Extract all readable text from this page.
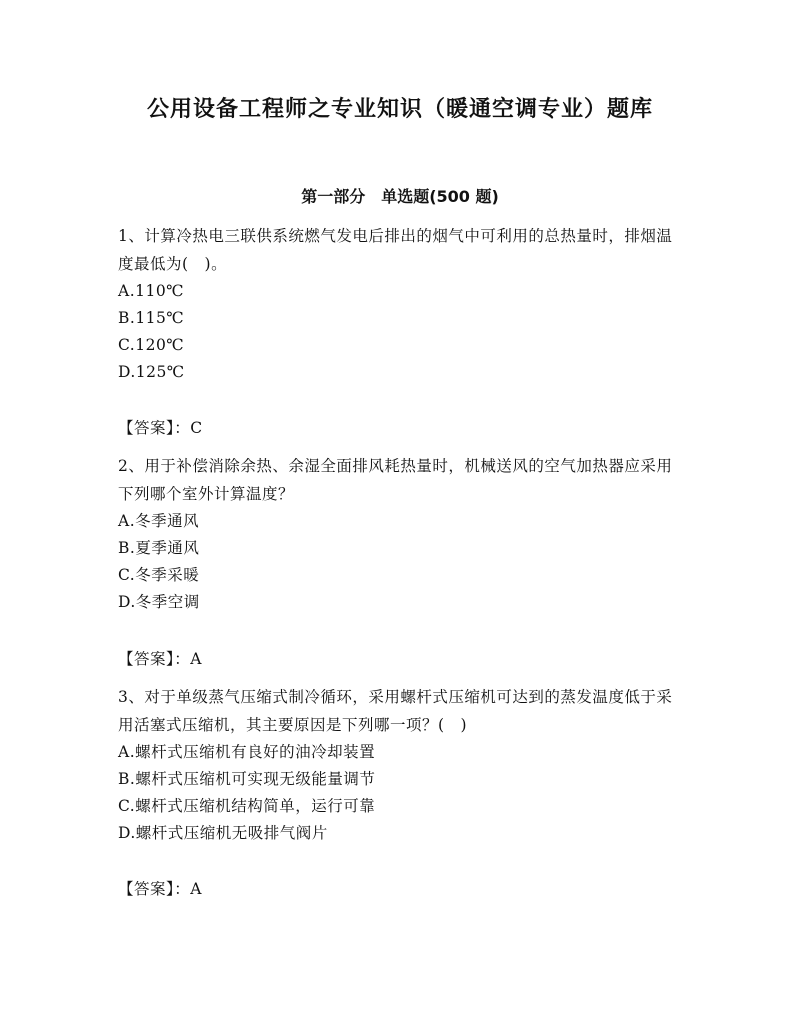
公用设备工程师之专业知识（暖通空调专业）题库
第一部分　单选题(500 题)

1、计算冷热电三联供系统燃气发电后排出的烟气中可利用的总热量时，排烟温度最低为(　)。

A.110℃

B.115℃

C.120℃

D.125℃

【答案】：C

2、用于补偿消除余热、余湿全面排风耗热量时，机械送风的空气加热器应采用下列哪个室外计算温度？

A.冬季通风

B.夏季通风

C.冬季采暖

D.冬季空调

【答案】：A

3、对于单级蒸气压缩式制冷循环，采用螺杆式压缩机可达到的蒸发温度低于采用活塞式压缩机，其主要原因是下列哪一项？(　)

A.螺杆式压缩机有良好的油冷却装置

B.螺杆式压缩机可实现无级能量调节

C.螺杆式压缩机结构简单，运行可靠

D.螺杆式压缩机无吸排气阀片

【答案】：A
